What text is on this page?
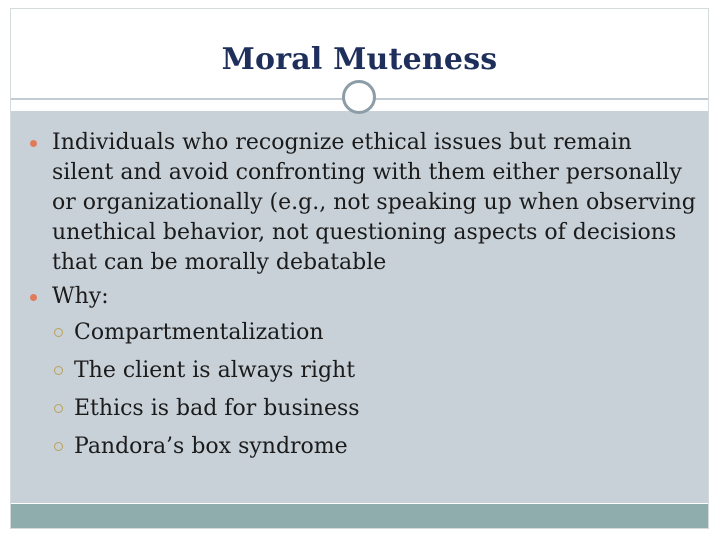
Moral Muteness
Individuals who recognize ethical issues but remain silent and avoid confronting with them either personally or organizationally (e.g., not speaking up when observing unethical behavior, not questioning aspects of decisions that can be morally debatable
Why:
Compartmentalization
The client is always right
Ethics is bad for business
Pandora’s box syndrome
